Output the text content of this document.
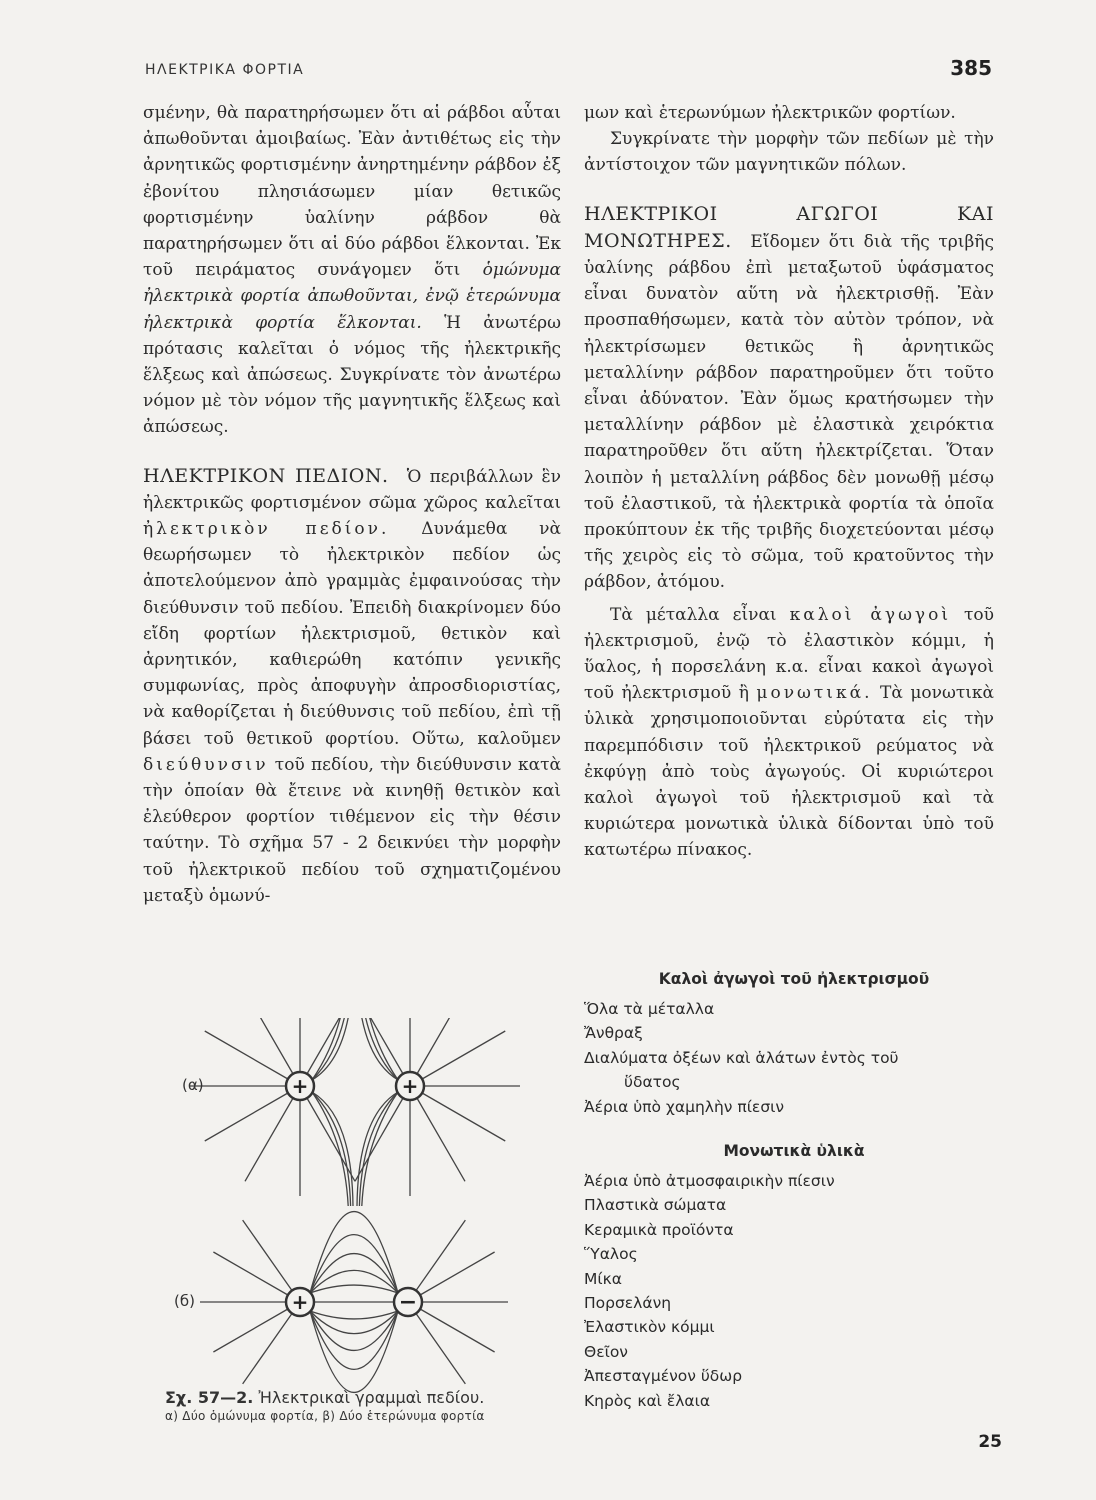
ΗΛΕΚΤΡΙΚΑ ΦΟΡΤΙΑ	385

σμένην, θὰ παρατηρήσωμεν ὅτι αἱ ράβδοι αὗται ἀπωθοῦνται ἀμοιβαίως. Ἐὰν ἀντιθέτως εἰς τὴν ἀρνητικῶς φορτισμένην ἀνηρτημένην ράβδον ἐξ ἐβονίτου πλησιάσωμεν μίαν θετικῶς φορτισμένην ὑαλίνην ράβδον θὰ παρατηρήσωμεν ὅτι αἱ δύο ράβδοι ἕλκονται. Ἐκ τοῦ πειράματος συνάγομεν ὅτι ὁμώνυμα ἠλεκτρικὰ φορτία ἀπωθοῦνται, ἐνῷ ἑτερώνυμα ἠλεκτρικὰ φορτία ἕλκονται. Ἡ ἀνωτέρω πρότασις καλεῖται ὁ νόμος τῆς ἠλεκτρικῆς ἕλξεως καὶ ἀπώσεως. Συγκρίνατε τὸν ἀνωτέρω νόμον μὲ τὸν νόμον τῆς μαγνητικῆς ἕλξεως καὶ ἀπώσεως.

ΗΛΕΚΤΡΙΚΟΝ ΠΕΔΙΟΝ. Ὁ περιβάλλων ἓν ἠλεκτρικῶς φορτισμένον σῶμα χῶρος καλεῖται ἠλεκτρικὸν πεδίον. Δυνάμεθα νὰ θεωρήσωμεν τὸ ἠλεκτρικὸν πεδίον ὡς ἀποτελούμενον ἀπὸ γραμμὰς ἐμφαινούσας τὴν διεύθυνσιν τοῦ πεδίου. Ἐπειδὴ διακρίνομεν δύο εἴδη φορτίων ἠλεκτρισμοῦ, θετικὸν καὶ ἀρνητικόν, καθιερώθη κατόπιν γενικῆς συμφωνίας, πρὸς ἀποφυγὴν ἀπροσδιοριστίας, νὰ καθορίζεται ἡ διεύθυνσις τοῦ πεδίου, ἐπὶ τῇ βάσει τοῦ θετικοῦ φορτίου. Οὕτω, καλοῦμεν διεύθυνσιν τοῦ πεδίου, τὴν διεύθυνσιν κατὰ τὴν ὁποίαν θὰ ἔτεινε νὰ κινηθῇ θετικὸν καὶ ἐλεύθερον φορτίον τιθέμενον εἰς τὴν θέσιν ταύτην. Τὸ σχῆμα 57 - 2 δεικνύει τὴν μορφὴν τοῦ ἠλεκτρικοῦ πεδίου τοῦ σχηματιζομένου μεταξὺ ὁμωνύ-

+	+
+	−
(α)
(б)
Σχ. 57—2. Ἠλεκτρικαὶ γραμμαὶ πεδίου.
α) Δύο ὁμώνυμα φορτία, β) Δύο ἑτερώνυμα φορτία

μων καὶ ἑτερωνύμων ἠλεκτρικῶν φορτίων.

Συγκρίνατε τὴν μορφὴν τῶν πεδίων μὲ τὴν ἀντίστοιχον τῶν μαγνητικῶν πόλων.

ΗΛΕΚΤΡΙΚΟΙ ΑΓΩΓΟΙ ΚΑΙ ΜΟΝΩΤΗΡΕΣ. Εἴδομεν ὅτι διὰ τῆς τριβῆς ὑαλίνης ράβδου ἐπὶ μεταξωτοῦ ὑφάσματος εἶναι δυνατὸν αὕτη νὰ ἠλεκτρισθῇ. Ἐὰν προσπαθήσωμεν, κατὰ τὸν αὐτὸν τρόπον, νὰ ἠλεκτρίσωμεν θετικῶς ἢ ἀρνητικῶς μεταλλίνην ράβδον παρατηροῦμεν ὅτι τοῦτο εἶναι ἀδύνατον. Ἐὰν ὅμως κρατήσωμεν τὴν μεταλλίνην ράβδον μὲ ἐλαστικὰ χειρόκτια παρατηροῦθεν ὅτι αὕτη ἠλεκτρίζεται. Ὅταν λοιπὸν ἡ μεταλλίνη ράβδος δὲν μονωθῇ μέσῳ τοῦ ἐλαστικοῦ, τὰ ἠλεκτρικὰ φορτία τὰ ὁποῖα προκύπτουν ἐκ τῆς τριβῆς διοχετεύονται μέσῳ τῆς χειρὸς εἰς τὸ σῶμα, τοῦ κρατοῦντος τὴν ράβδον, ἀτόμου.

Τὰ μέταλλα εἶναι καλοὶ ἀγωγοὶ τοῦ ἠλεκτρισμοῦ, ἐνῷ τὸ ἐλαστικὸν κόμμι, ἡ ὕαλος, ἡ πορσελάνη κ.α. εἶναι κακοὶ ἀγωγοὶ τοῦ ἠλεκτρισμοῦ ἢ μονωτικά. Τὰ μονωτικὰ ὑλικὰ χρησιμοποιοῦνται εὐρύτατα εἰς τὴν παρεμπόδισιν τοῦ ἠλεκτρικοῦ ρεύματος νὰ ἐκφύγῃ ἀπὸ τοὺς ἀγωγούς. Οἱ κυριώτεροι καλοὶ ἀγωγοὶ τοῦ ἠλεκτρισμοῦ καὶ τὰ κυριώτερα μονωτικὰ ὑλικὰ δίδονται ὑπὸ τοῦ κατωτέρω πίνακος.

Καλοὶ ἀγωγοὶ τοῦ ἠλεκτρισμοῦ
Ὅλα τὰ μέταλλα
Ἄνθραξ
Διαλύματα ὀξέων καὶ ἁλάτων ἐντὸς τοῦ
ὕδατος
Ἀέρια ὑπὸ χαμηλὴν πίεσιν
Μονωτικὰ ὑλικὰ
Ἀέρια ὑπὸ ἀτμοσφαιρικὴν πίεσιν
Πλαστικὰ σώματα
Κεραμικὰ προϊόντα
Ὕαλος
Μίκα
Πορσελάνη
Ἐλαστικὸν κόμμι
Θεῖον
Ἀπεσταγμένον ὕδωρ
Κηρὸς καὶ ἔλαια
25
